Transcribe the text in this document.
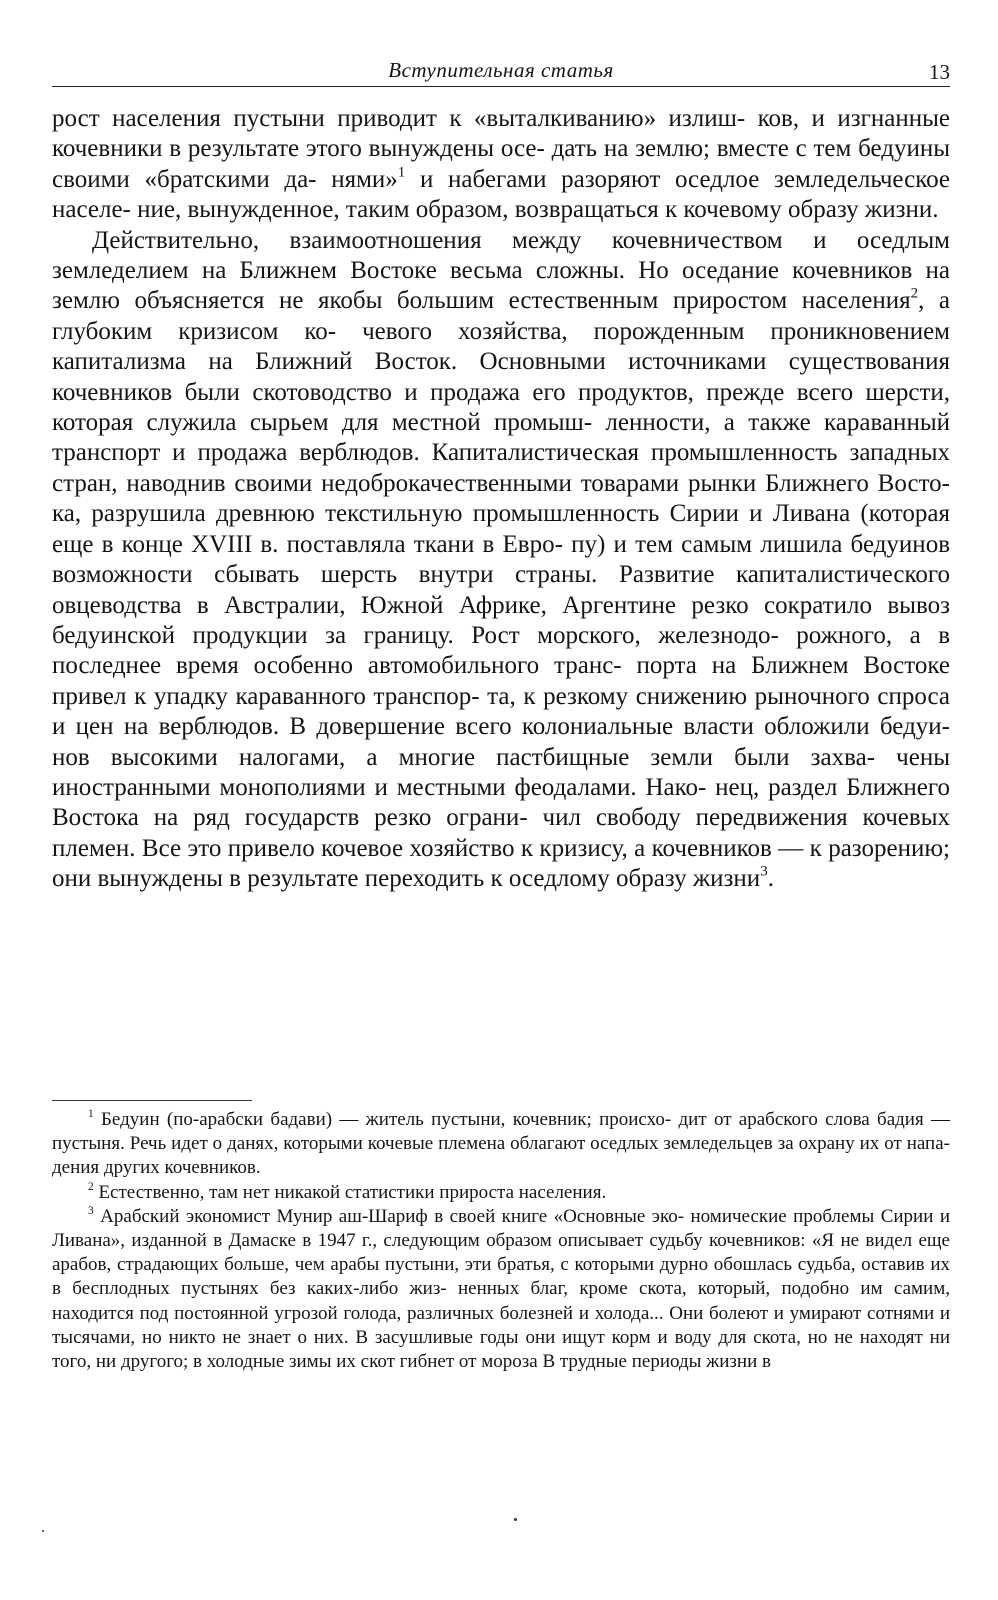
Вступительная статья	13

рост населения пустыни приводит к «выталкиванию» излиш- ков, и изгнанные кочевники в результате этого вынуждены осе- дать на землю; вместе с тем бедуины своими «братскими да- нями»$^1$ и набегами разоряют оседлое земледельческое населе- ние, вынужденное, таким образом, возвращаться к кочевому образу жизни.

Действительно, взаимоотношения между кочевничеством и оседлым земледелием на Ближнем Востоке весьма сложны. Но оседание кочевников на землю объясняется не якобы большим естественным приростом населения$^2$, а глубоким кризисом ко- чевого хозяйства, порожденным проникновением капитализма на Ближний Восток. Основными источниками существования кочевников были скотоводство и продажа его продуктов, прежде всего шерсти, которая служила сырьем для местной промыш- ленности, а также караванный транспорт и продажа верблюдов. Капиталистическая промышленность западных стран, наводнив своими недоброкачественными товарами рынки Ближнего Восто- ка, разрушила древнюю текстильную промышленность Сирии и Ливана (которая еще в конце XVIII в. поставляла ткани в Евро- пу) и тем самым лишила бедуинов возможности сбывать шерсть внутри страны. Развитие капиталистического овцеводства в Австралии, Южной Африке, Аргентине резко сократило вывоз бедуинской продукции за границу. Рост морского, железнодо- рожного, а в последнее время особенно автомобильного транс- порта на Ближнем Востоке привел к упадку караванного транспор- та, к резкому снижению рыночного спроса и цен на верблюдов. В довершение всего колониальные власти обложили бедуи- нов высокими налогами, а многие пастбищные земли были захва- чены иностранными монополиями и местными феодалами. Нако- нец, раздел Ближнего Востока на ряд государств резко ограни- чил свободу передвижения кочевых племен. Все это привело кочевое хозяйство к кризису, а кочевников — к разорению; они вынуждены в результате переходить к оседлому образу жизни$^3$.

$^1$ Бедуин (по-арабски бадави) — житель пустыни, кочевник; происхо- дит от арабского слова бадия — пустыня. Речь идет о данях, которыми кочевые племена облагают оседлых земледельцев за охрану их от напа- дения других кочевников.

$^2$ Естественно, там нет никакой статистики прироста населения.

$^3$ Арабский экономист Мунир аш-Шариф в своей книге «Основные эко- номические проблемы Сирии и Ливана», изданной в Дамаске в 1947 г., следующим образом описывает судьбу кочевников: «Я не видел еще арабов, страдающих больше, чем арабы пустыни, эти братья, с которыми дурно обошлась судьба, оставив их в бесплодных пустынях без каких-либо жиз- ненных благ, кроме скота, который, подобно им самим, находится под постоянной угрозой голода, различных болезней и холода... Они болеют и умирают сотнями и тысячами, но никто не знает о них. В засушливые годы они ищут корм и воду для скота, но не находят ни того, ни другого; в холодные зимы их скот гибнет от мороза В трудные периоды жизни в
